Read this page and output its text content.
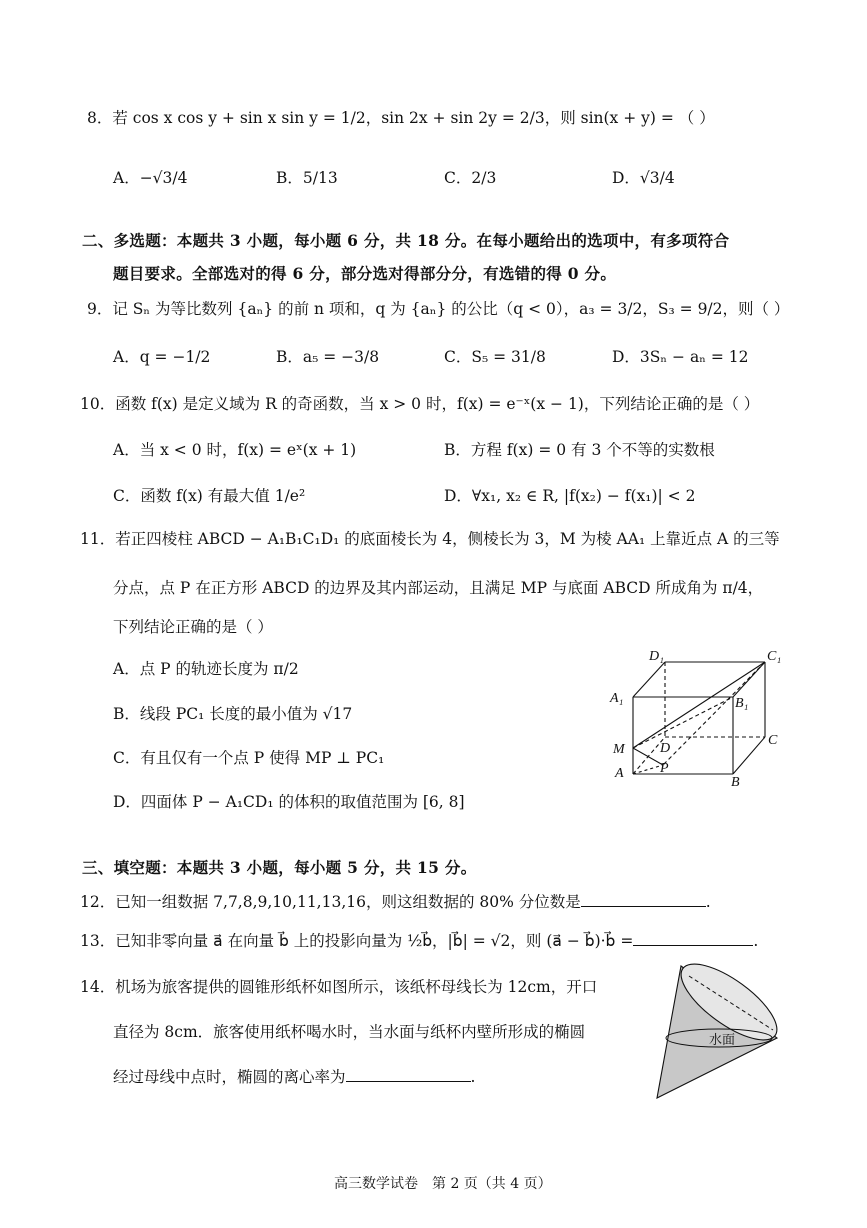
8．若 cos x cos y + sin x sin y = 1/2，sin 2x + sin 2y = 2/3，则 sin(x + y) = （ ）
A．−√3/4	B．5/13	C．2/3	D．√3/4
二、多选题：本题共 3 小题，每小题 6 分，共 18 分。在每小题给出的选项中，有多项符合
题目要求。全部选对的得 6 分，部分选对得部分分，有选错的得 0 分。
9．记 Sₙ 为等比数列 {aₙ} 的前 n 项和，q 为 {aₙ} 的公比（q < 0），a₃ = 3/2，S₃ = 9/2，则（ ）
A．q = −1/2	B．a₅ = −3/8	C．S₅ = 31/8	D．3Sₙ − aₙ = 12
10．函数 f(x) 是定义域为 R 的奇函数，当 x > 0 时，f(x) = e⁻ˣ(x − 1)，下列结论正确的是（ ）
A．当 x < 0 时，f(x) = eˣ(x + 1)	B．方程 f(x) = 0 有 3 个不等的实数根
C．函数 f(x) 有最大值 1/e²	D．∀x₁, x₂ ∈ R, |f(x₂) − f(x₁)| < 2
11．若正四棱柱 ABCD − A₁B₁C₁D₁ 的底面棱长为 4，侧棱长为 3，M 为棱 AA₁ 上靠近点 A 的三等
分点，点 P 在正方形 ABCD 的边界及其内部运动，且满足 MP 与底面 ABCD 所成角为 π/4，
下列结论正确的是（ ）
A．点 P 的轨迹长度为 π/2
B．线段 PC₁ 长度的最小值为 √17
C．有且仅有一个点 P 使得 MP ⊥ PC₁
D．四面体 P − A₁CD₁ 的体积的取值范围为 [6, 8]
D₁	C₁
A₁	B₁
M	D
C
A	P
B
三、填空题：本题共 3 小题，每小题 5 分，共 15 分。
12．已知一组数据 7,7,8,9,10,11,13,16，则这组数据的 80% 分位数是	.
13．已知非零向量 a⃗ 在向量 b⃗ 上的投影向量为 ½b⃗，|b⃗| = √2，则 (a⃗ − b⃗)·b⃗ =	.
14．机场为旅客提供的圆锥形纸杯如图所示，该纸杯母线长为 12cm，开口
直径为 8cm．旅客使用纸杯喝水时，当水面与纸杯内壁所形成的椭圆
经过母线中点时，椭圆的离心率为	.
水面
高三数学试卷　第 2 页（共 4 页）
